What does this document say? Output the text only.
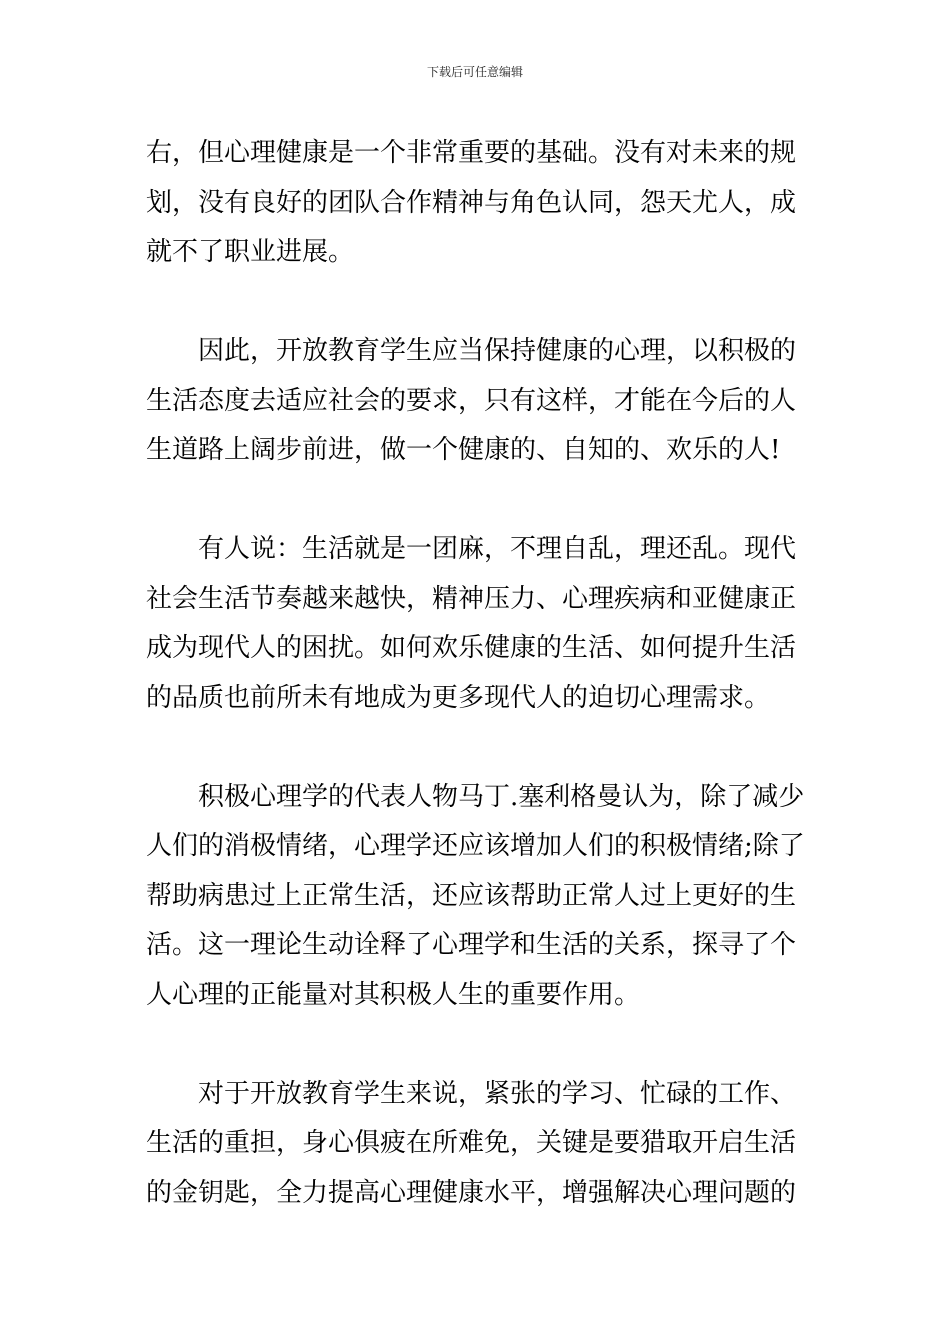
下载后可任意编辑
右，但心理健康是一个非常重要的基础。没有对未来的规
划，没有良好的团队合作精神与角色认同，怨天尤人，成
就不了职业进展。
因此，开放教育学生应当保持健康的心理，以积极的
生活态度去适应社会的要求，只有这样，才能在今后的人
生道路上阔步前进，做一个健康的、自知的、欢乐的人!
有人说：生活就是一团麻，不理自乱，理还乱。现代
社会生活节奏越来越快，精神压力、心理疾病和亚健康正
成为现代人的困扰。如何欢乐健康的生活、如何提升生活
的品质也前所未有地成为更多现代人的迫切心理需求。
积极心理学的代表人物马丁.塞利格曼认为，除了减少
人们的消极情绪，心理学还应该增加人们的积极情绪;除了
帮助病患过上正常生活，还应该帮助正常人过上更好的生
活。这一理论生动诠释了心理学和生活的关系，探寻了个
人心理的正能量对其积极人生的重要作用。
对于开放教育学生来说，紧张的学习、忙碌的工作、
生活的重担，身心俱疲在所难免，关键是要猎取开启生活
的金钥匙，全力提高心理健康水平，增强解决心理问题的
